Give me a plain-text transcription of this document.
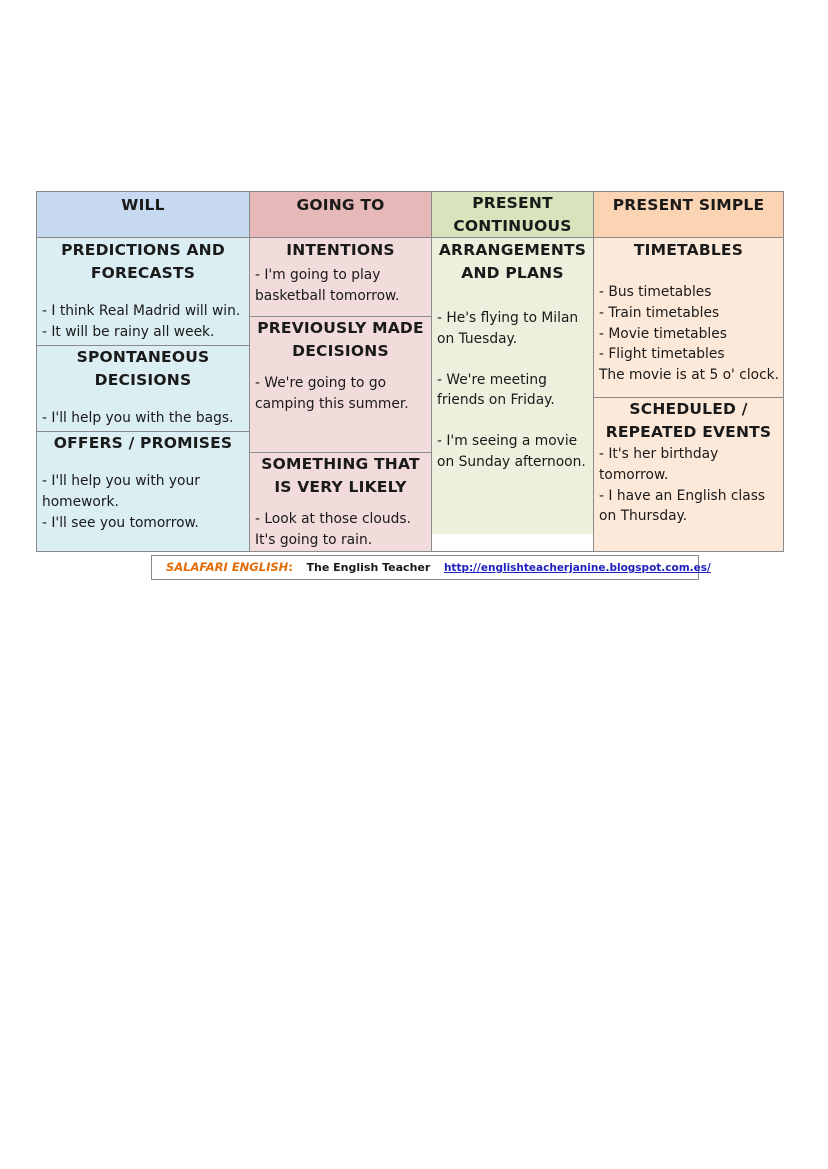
WILL
PREDICTIONS AND
FORECASTS
- I think Real Madrid will win.
- It will be rainy all week.
SPONTANEOUS
DECISIONS
- I'll help you with the bags.
OFFERS / PROMISES
- I'll help you with your
homework.
- I'll see you tomorrow.
GOING TO
INTENTIONS
- I'm going to play
basketball tomorrow.
PREVIOUSLY MADE
DECISIONS
- We're going to go
camping this summer.
SOMETHING THAT
IS VERY LIKELY
- Look at those clouds.
It's going to rain.
PRESENT
CONTINUOUS
ARRANGEMENTS
AND PLANS
- He's flying to Milan
on Tuesday.
- We're meeting
friends on Friday.
- I'm seeing a movie
on Sunday afternoon.
PRESENT SIMPLE
TIMETABLES
- Bus timetables
- Train timetables
- Movie timetables
- Flight timetables
The movie is at 5 o' clock.
SCHEDULED /
REPEATED EVENTS
- It's her birthday
tomorrow.
- I have an English class
on Thursday.
SALAFARI ENGLISH: The English Teacher http://englishteacherjanine.blogspot.com.es/
